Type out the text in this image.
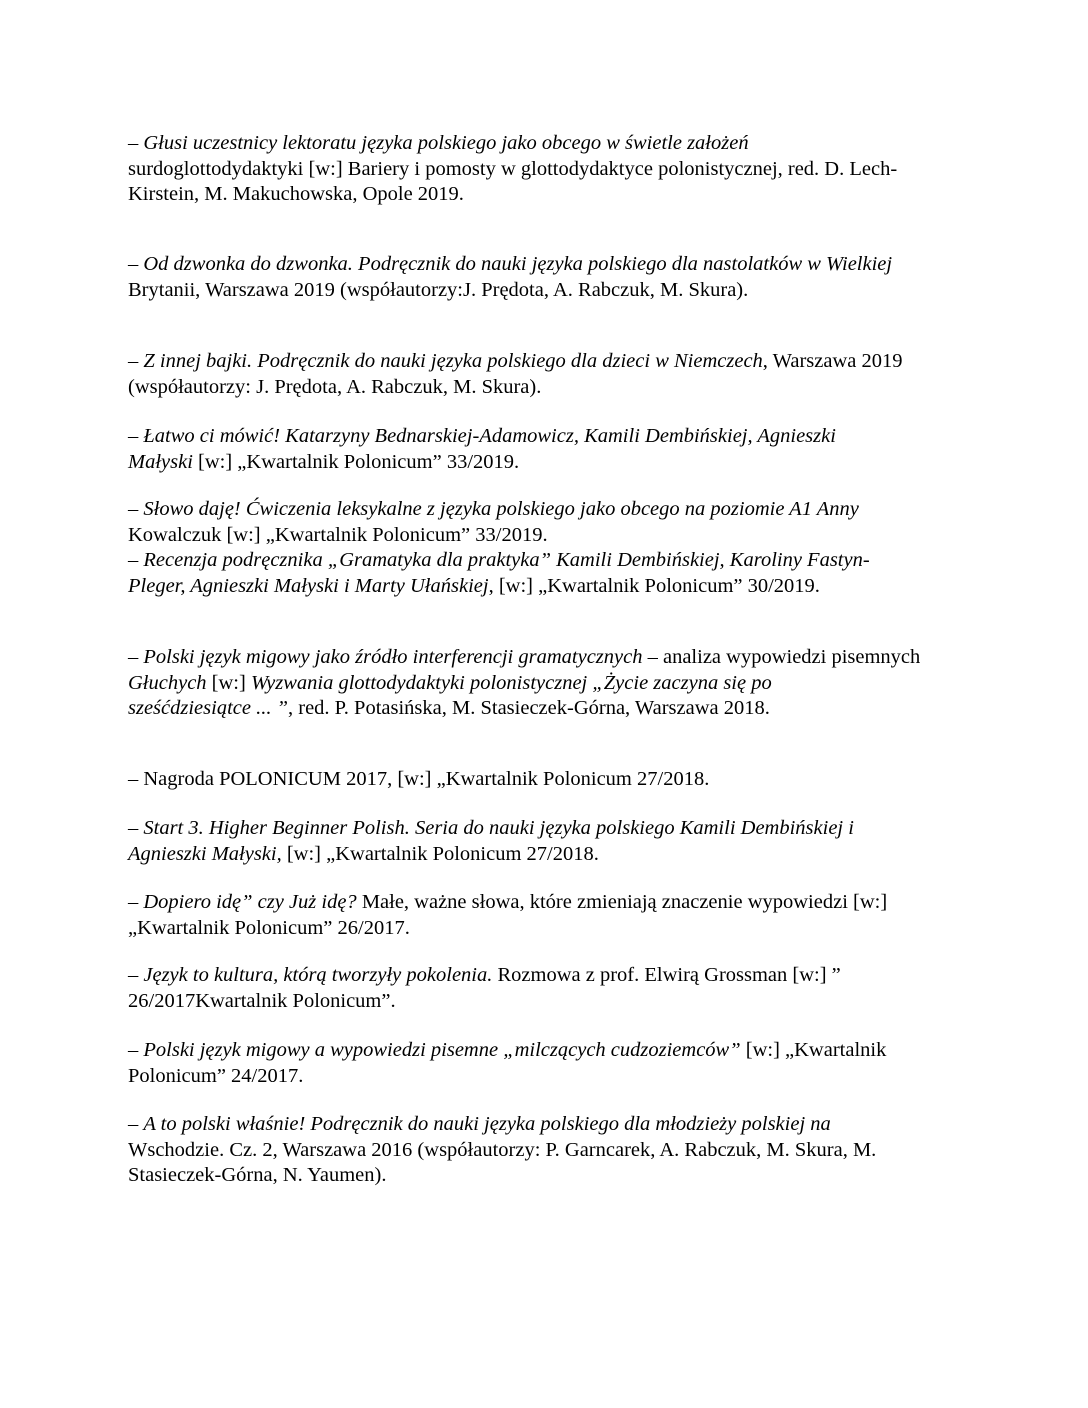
– Głusi uczestnicy lektoratu języka polskiego jako obcego w świetle założeń
surdoglottodydaktyki [w:] Bariery i pomosty w glottodydaktyce polonistycznej, red. D. Lech-
Kirstein, M. Makuchowska, Opole 2019.

– Od dzwonka do dzwonka. Podręcznik do nauki języka polskiego dla nastolatków w Wielkiej
Brytanii, Warszawa 2019 (współautorzy:J. Prędota, A. Rabczuk, M. Skura).

– Z innej bajki. Podręcznik do nauki języka polskiego dla dzieci w Niemczech, Warszawa 2019
(współautorzy: J. Prędota, A. Rabczuk, M. Skura).

– Łatwo ci mówić! Katarzyny Bednarskiej-Adamowicz, Kamili Dembińskiej, Agnieszki
Małyski [w:] „Kwartalnik Polonicum” 33/2019.

– Słowo daję! Ćwiczenia leksykalne z języka polskiego jako obcego na poziomie A1 Anny
Kowalczuk [w:] „Kwartalnik Polonicum” 33/2019.
– Recenzja podręcznika „Gramatyka dla praktyka” Kamili Dembińskiej, Karoliny Fastyn-
Pleger, Agnieszki Małyski i Marty Ułańskiej, [w:] „Kwartalnik Polonicum” 30/2019.

– Polski język migowy jako źródło interferencji gramatycznych – analiza wypowiedzi pisemnych
Głuchych [w:] Wyzwania glottodydaktyki polonistycznej „Życie zaczyna się po
sześćdziesiątce ... ”, red. P. Potasińska, M. Stasieczek-Górna, Warszawa 2018.

– Nagroda POLONICUM 2017, [w:] „Kwartalnik Polonicum 27/2018.

– Start 3. Higher Beginner Polish. Seria do nauki języka polskiego Kamili Dembińskiej i
Agnieszki Małyski, [w:] „Kwartalnik Polonicum 27/2018.

– Dopiero idę” czy Już idę? Małe, ważne słowa, które zmieniają znaczenie wypowiedzi [w:]
„Kwartalnik Polonicum” 26/2017.

– Język to kultura, którą tworzyły pokolenia. Rozmowa z prof. Elwirą Grossman [w:] ”
26/2017Kwartalnik Polonicum”.

– Polski język migowy a wypowiedzi pisemne „milczących cudzoziemców” [w:] „Kwartalnik
Polonicum” 24/2017.

– A to polski właśnie! Podręcznik do nauki języka polskiego dla młodzieży polskiej na
Wschodzie. Cz. 2, Warszawa 2016 (współautorzy: P. Garncarek, A. Rabczuk, M. Skura, M.
Stasieczek-Górna, N. Yaumen).
